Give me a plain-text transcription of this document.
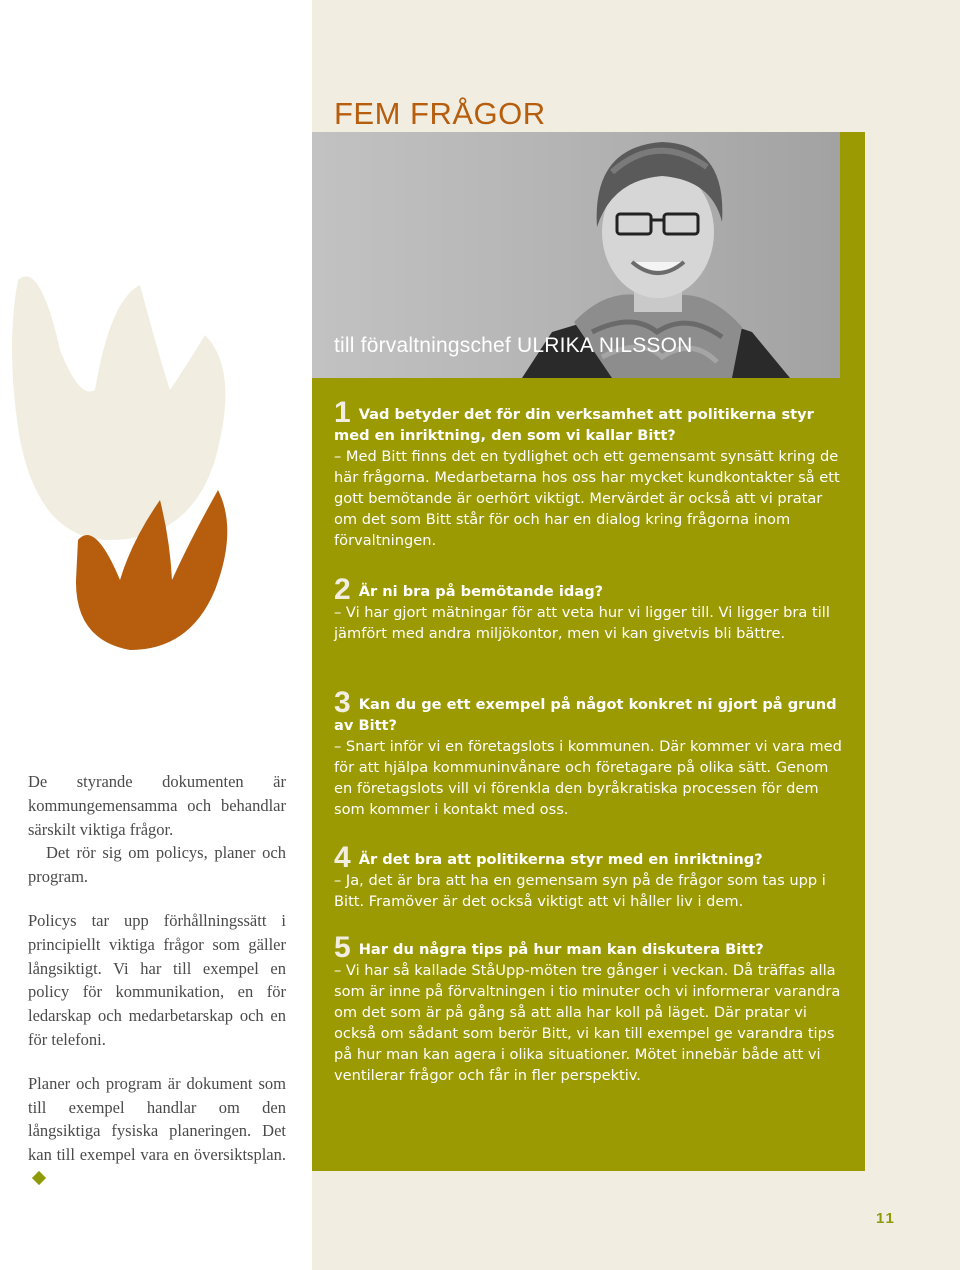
FEM FRÅGOR
till förvaltningschef ULRIKA NILSSON

1 Vad betyder det för din verksamhet att politikerna styr med en inriktning, den som vi kallar Bitt?

– Med Bitt finns det en tydlighet och ett gemensamt synsätt kring de här frågorna. Medarbetarna hos oss har mycket kundkontakter så ett gott bemötande är oerhört viktigt. Mervärdet är också att vi pratar om det som Bitt står för och har en dialog kring frågorna inom förvaltningen.

2 Är ni bra på bemötande idag?

– Vi har gjort mätningar för att veta hur vi ligger till. Vi ligger bra till jämfört med andra miljökontor, men vi kan givetvis bli bättre.

3 Kan du ge ett exempel på något konkret ni gjort på grund av Bitt?

– Snart inför vi en företagslots i kommunen. Där kommer vi vara med för att hjälpa kommuninvånare och företagare på olika sätt. Genom en företagslots vill vi förenkla den byråkratiska processen för dem som kommer i kontakt med oss.

4 Är det bra att politikerna styr med en inriktning?

– Ja, det är bra att ha en gemensam syn på de frågor som tas upp i Bitt. Framöver är det också viktigt att vi håller liv i dem.

5 Har du några tips på hur man kan diskutera Bitt?

– Vi har så kallade StåUpp-möten tre gånger i veckan. Då träffas alla som är inne på förvaltningen i tio minuter och vi informerar varandra om det som är på gång så att alla har koll på läget. Där pratar vi också om sådant som berör Bitt, vi kan till exempel ge varandra tips på hur man kan agera i olika situationer. Mötet innebär både att vi ventilerar frågor och får in fler perspektiv.

De styrande dokumenten är kommungemensamma och behandlar särskilt viktiga frågor.

Det rör sig om policys, planer och program.

Policys tar upp förhållningssätt i principiellt viktiga frågor som gäller långsiktigt. Vi har till exempel en policy för kommunikation, en för ledarskap och medarbetarskap och en för telefoni.

Planer och program är dokument som till exempel handlar om den långsiktiga fysiska planeringen. Det kan till exempel vara en översiktsplan.

11
